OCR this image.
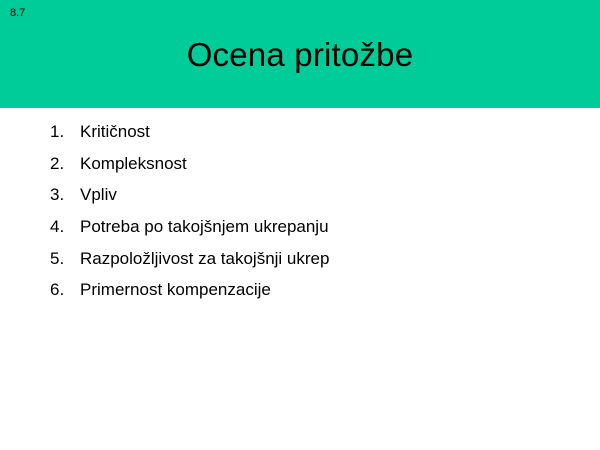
8.7
Ocena pritožbe
1. Kritičnost
2. Kompleksnost
3. Vpliv
4. Potreba po takojšnjem ukrepanju
5. Razpoložljivost za takojšnji ukrep
6. Primernost kompenzacije
